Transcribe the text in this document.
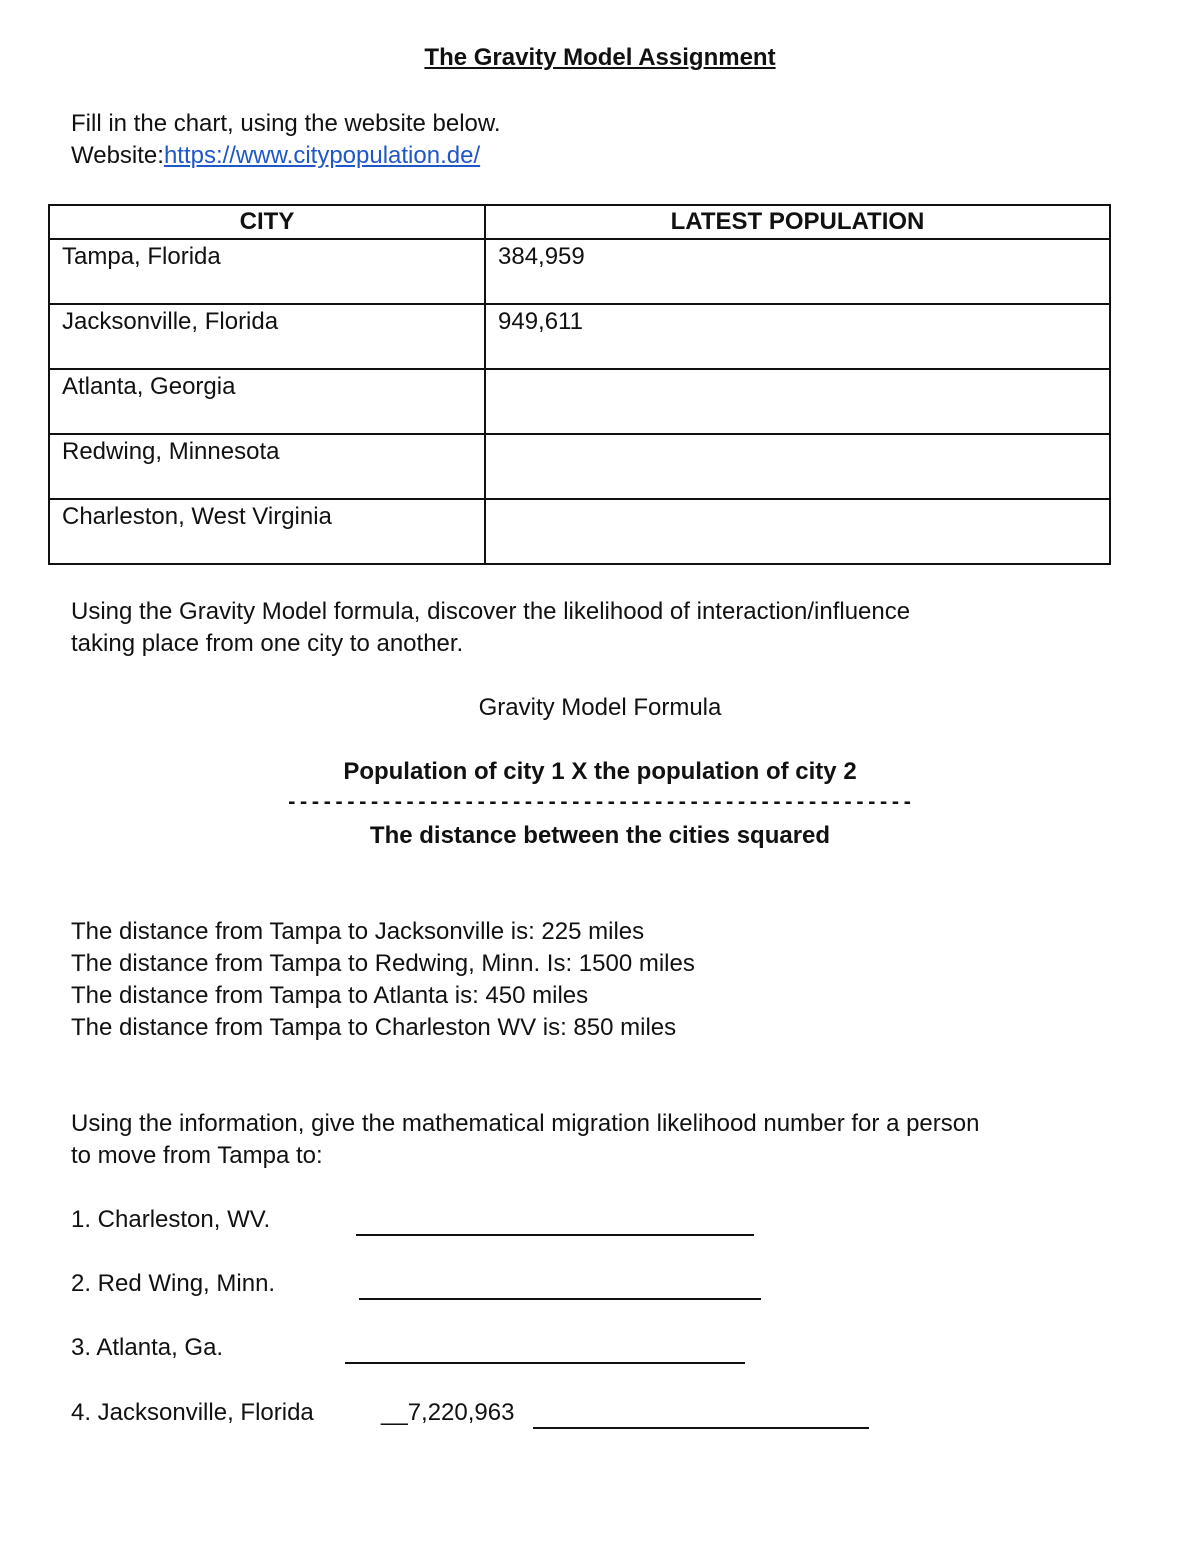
The Gravity Model Assignment
Fill in the chart, using the website below.
Website:https://www.citypopulation.de/
CITY	LATEST POPULATION
Tampa, Florida	384,959
Jacksonville, Florida	949,611
Atlanta, Georgia	
Redwing, Minnesota	
Charleston, West Virginia	
Using the Gravity Model formula, discover the likelihood of interaction/influence
taking place from one city to another.
Gravity Model Formula
Population of city 1 X the population of city 2
-----------------------------------------------------
The distance between the cities squared
The distance from Tampa to Jacksonville is: 225 miles
The distance from Tampa to Redwing, Minn. Is: 1500 miles
The distance from Tampa to Atlanta is: 450 miles
The distance from Tampa to Charleston WV is: 850 miles
Using the information, give the mathematical migration likelihood number for a person
to move from Tampa to:
1. Charleston, WV.
2. Red Wing, Minn.
3. Atlanta, Ga.
4. Jacksonville, Florida	__7,220,963
